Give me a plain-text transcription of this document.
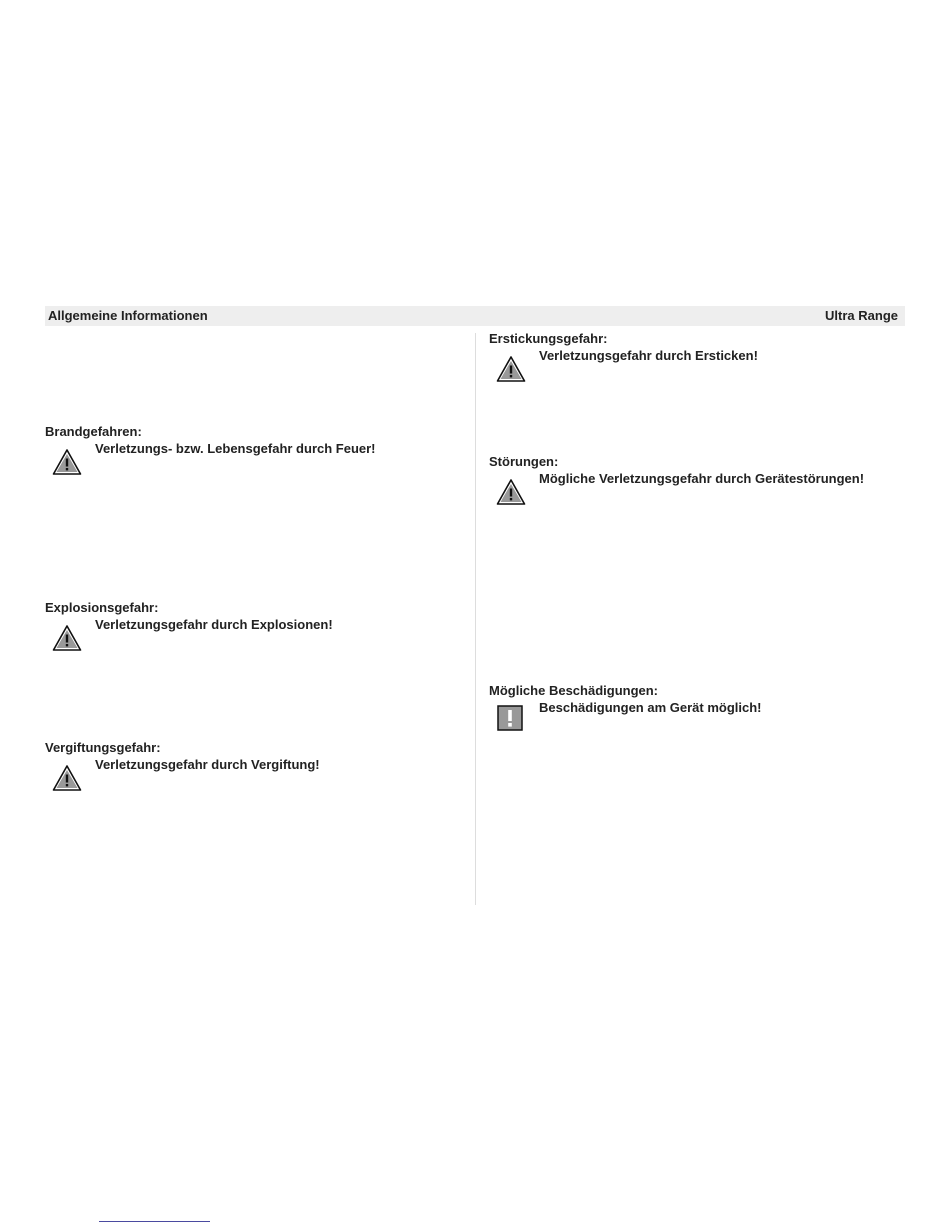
Allgemeine Informationen	Ultra Range
Brandgefahren:
Verletzungs- bzw. Lebensgefahr durch Feuer!
Explosionsgefahr:
Verletzungsgefahr durch Explosionen!
Vergiftungsgefahr:
Verletzungsgefahr durch Vergiftung!
Erstickungsgefahr:
Verletzungsgefahr durch Ersticken!
Störungen:
Mögliche Verletzungsgefahr durch Gerätestörungen!
Mögliche Beschädigungen:
Beschädigungen am Gerät möglich!
